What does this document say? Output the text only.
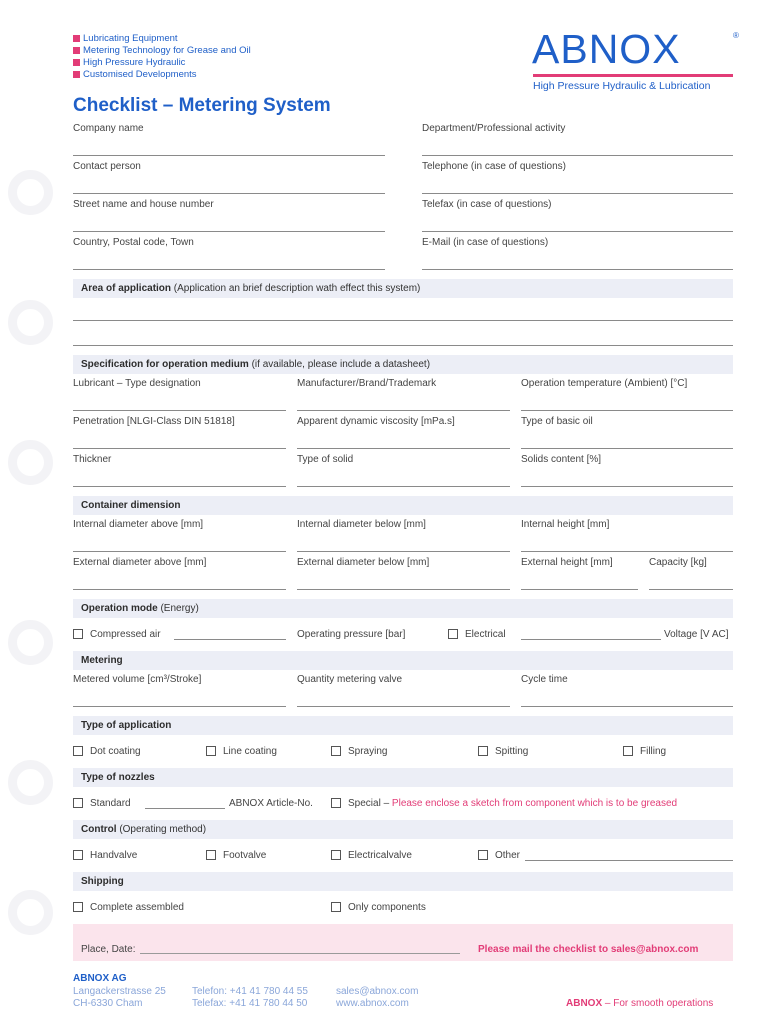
Lubricating Equipment
Metering Technology for Grease and Oil
High Pressure Hydraulic
Customised Developments
ABNOX	®
High Pressure Hydraulic & Lubrication
Checklist – Metering System
Company name	Department/Professional activity
Contact person	Telephone (in case of questions)
Street name and house number	Telefax (in case of questions)
Country, Postal code, Town	E-Mail (in case of questions)
Area of application (Application an brief description wath effect this system)
Specification for operation medium (if available, please include a datasheet)
Lubricant – Type designation	Manufacturer/Brand/Trademark	Operation temperature (Ambient) [°C]
Penetration [NLGI-Class DIN 51818]	Apparent dynamic viscosity [mPa.s]	Type of basic oil
Thickner	Type of solid	Solids content [%]
Container dimension
Internal diameter above [mm]	Internal diameter below [mm]	Internal height [mm]
External diameter above [mm]	External diameter below [mm]	External height [mm]	Capacity [kg]
Operation mode (Energy)
Compressed air	Operating pressure [bar]	Electrical	Voltage [V AC]
Metering
Metered volume [cm³/Stroke]	Quantity metering valve	Cycle time
Type of application
Dot coating	Line coating	Spraying	Spitting	Filling
Type of nozzles
Standard	ABNOX Article-No.	Special – Please enclose a sketch from component which is to be greased
Control (Operating method)
Handvalve	Footvalve	Electricalvalve	Other
Shipping
Complete assembled	Only components
Place, Date:	Please mail the checklist to sales@abnox.com
ABNOX AG
Langackerstrasse 25
CH-6330 Cham
Telefon: +41 41 780 44 55
Telefax: +41 41 780 44 50
sales@abnox.com
www.abnox.com	ABNOX – For smooth operations
